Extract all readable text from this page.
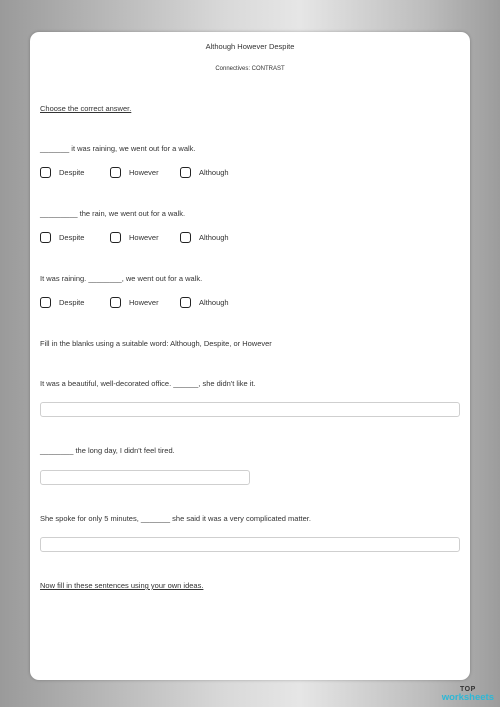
Although However Despite
Connectives: CONTRAST
Choose the correct answer.
_______ it was raining, we went out for a walk.
Despite	However	Although
_________ the rain, we went out for a walk.
Despite	However	Although
It was raining. ________, we went out for a walk.
Despite	However	Although
Fill in the blanks using a suitable word: Although, Despite, or However
It was a beautiful, well-decorated office. ______, she didn't like it.
________ the long day, I didn't feel tired.
She spoke for only 5 minutes, _______ she said it was a very complicated matter.
Now fill in these sentences using your own ideas.
TOP
worksheets
